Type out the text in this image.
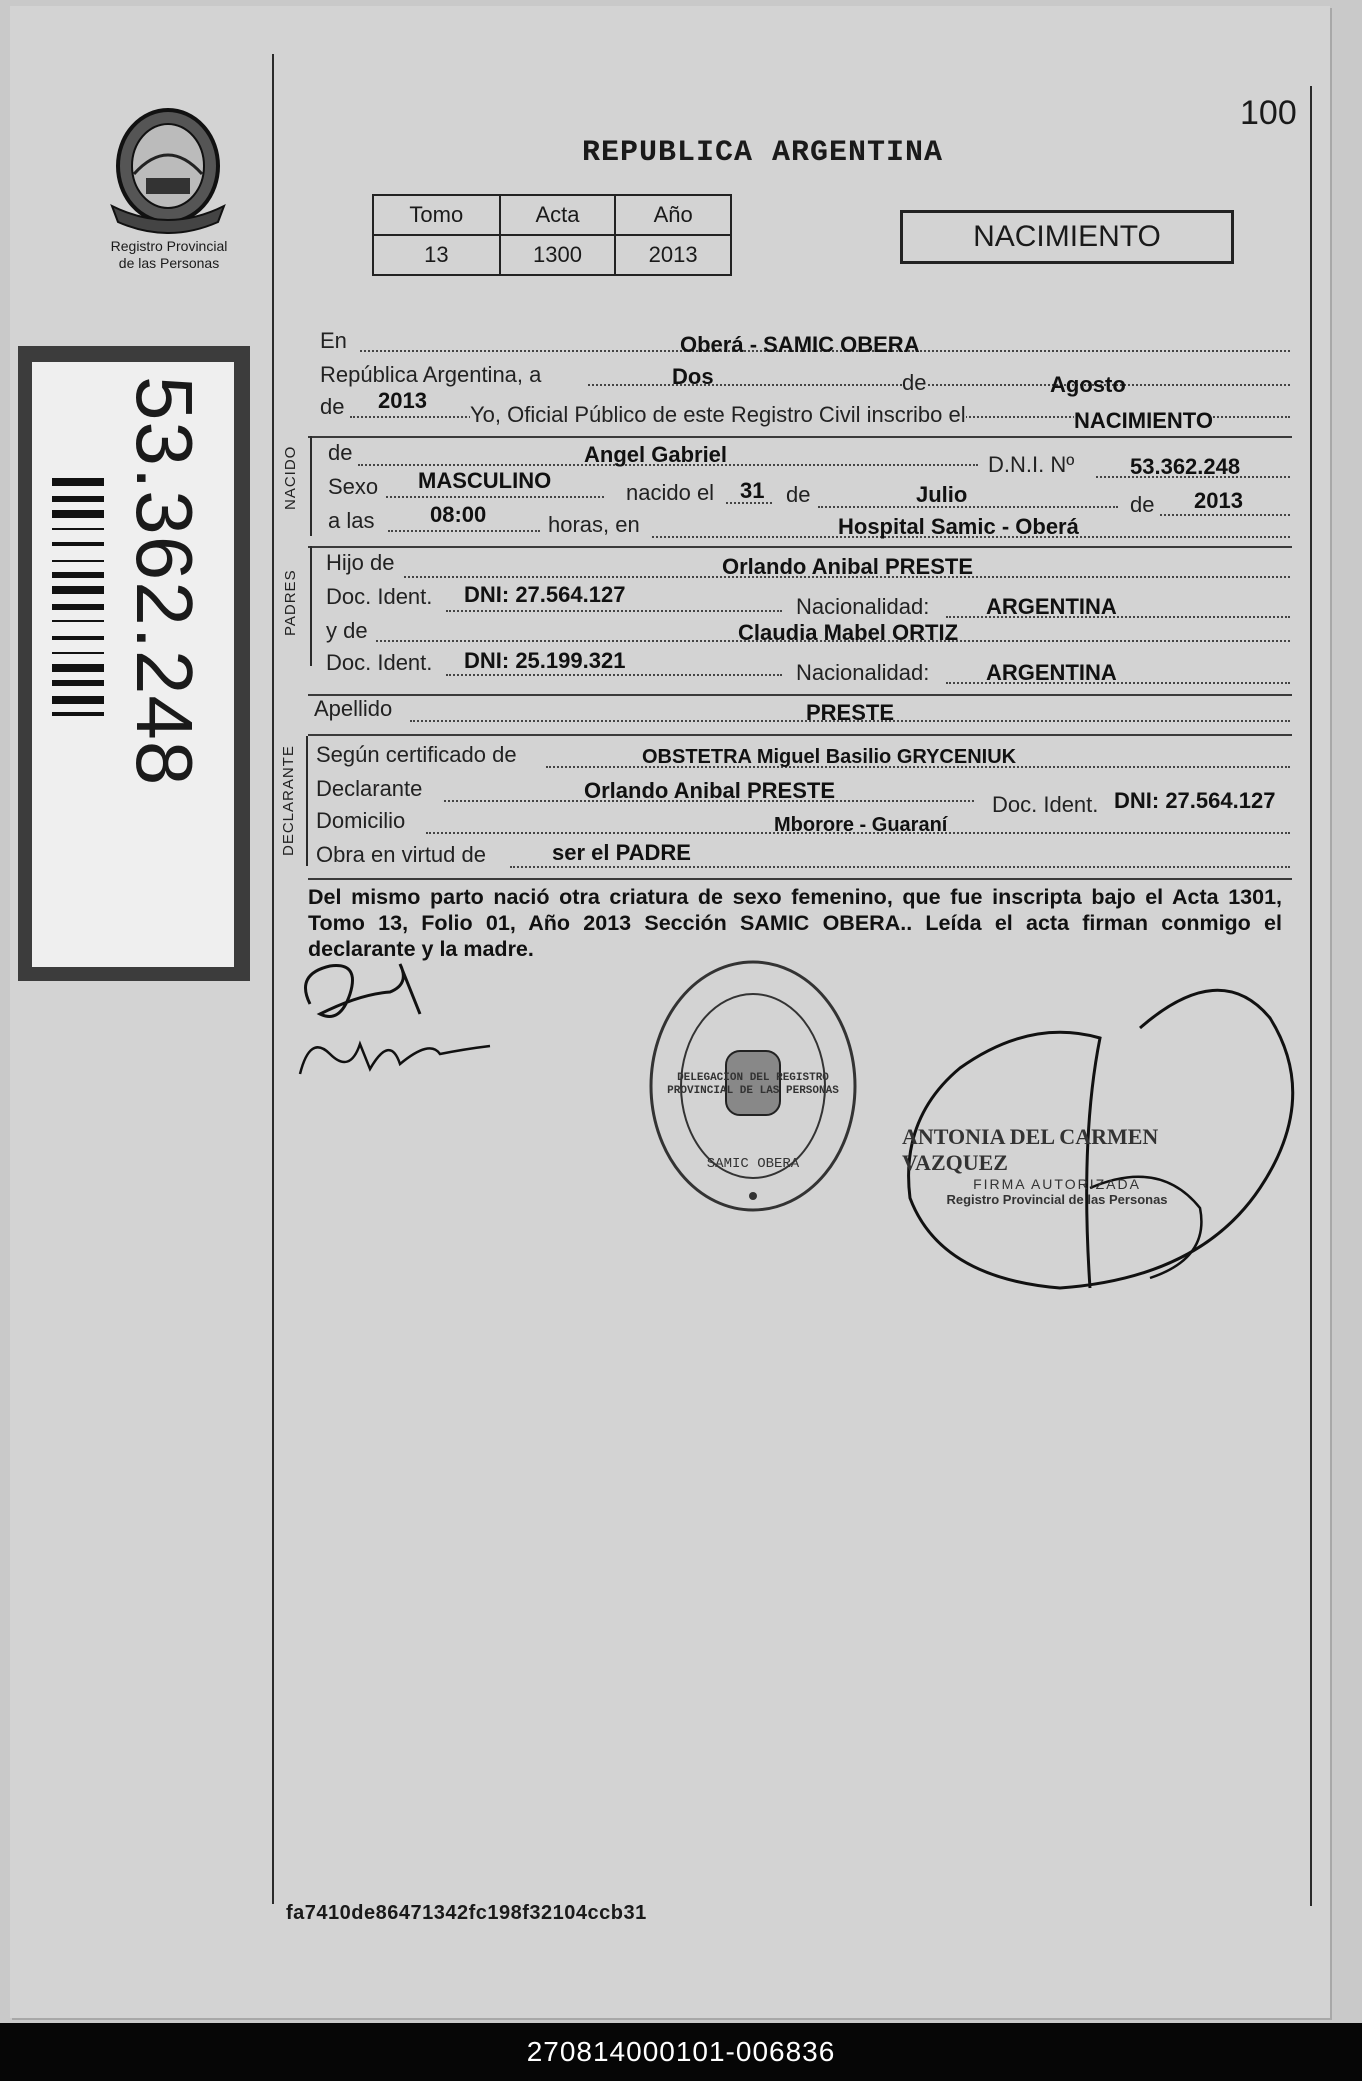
100
Registro Provincial
de las Personas
53.362.248
REPUBLICA ARGENTINA
Tomo	Acta	Año
13	1300	2013
NACIMIENTO
En	Oberá - SAMIC OBERA
República Argentina, a	Dos	de	Agosto
de 2013
Yo, Oficial Público de este Registro Civil inscribo el	NACIMIENTO
NACIDO de	Angel Gabriel	D.N.I. Nº	53.362.248
Sexo MASCULINO	nacido el 31 de	Julio	de 2013
a las	08:00	horas, en	Hospital Samic - Oberá
PADRES
Hijo de	Orlando Anibal PRESTE
Doc. Ident. DNI: 27.564.127	Nacionalidad:	ARGENTINA
y de	Claudia Mabel ORTIZ
Doc. Ident. DNI: 25.199.321	Nacionalidad:	ARGENTINA
Apellido	PRESTE
DECLARANTE Según certificado de	OBSTETRA Miguel Basilio GRYCENIUK
Declarante	Orlando Anibal PRESTE
Doc. Ident. DNI: 27.564.127
Domicilio	Mborore - Guaraní
Obra en virtud de	ser el PADRE
Del mismo parto nació otra criatura de sexo femenino, que fue inscripta bajo el Acta 1301, Tomo 13, Folio 01, Año 2013 Sección SAMIC OBERA.. Leída el acta firman conmigo el declarante y la madre.
DELEGACION DEL REGISTRO PROVINCIAL DE LAS PERSONAS
SAMIC OBERA
ANTONIA DEL CARMEN VAZQUEZ
FIRMA AUTORIZADA
Registro Provincial de las Personas
fa7410de86471342fc198f32104ccb31
270814000101-006836
